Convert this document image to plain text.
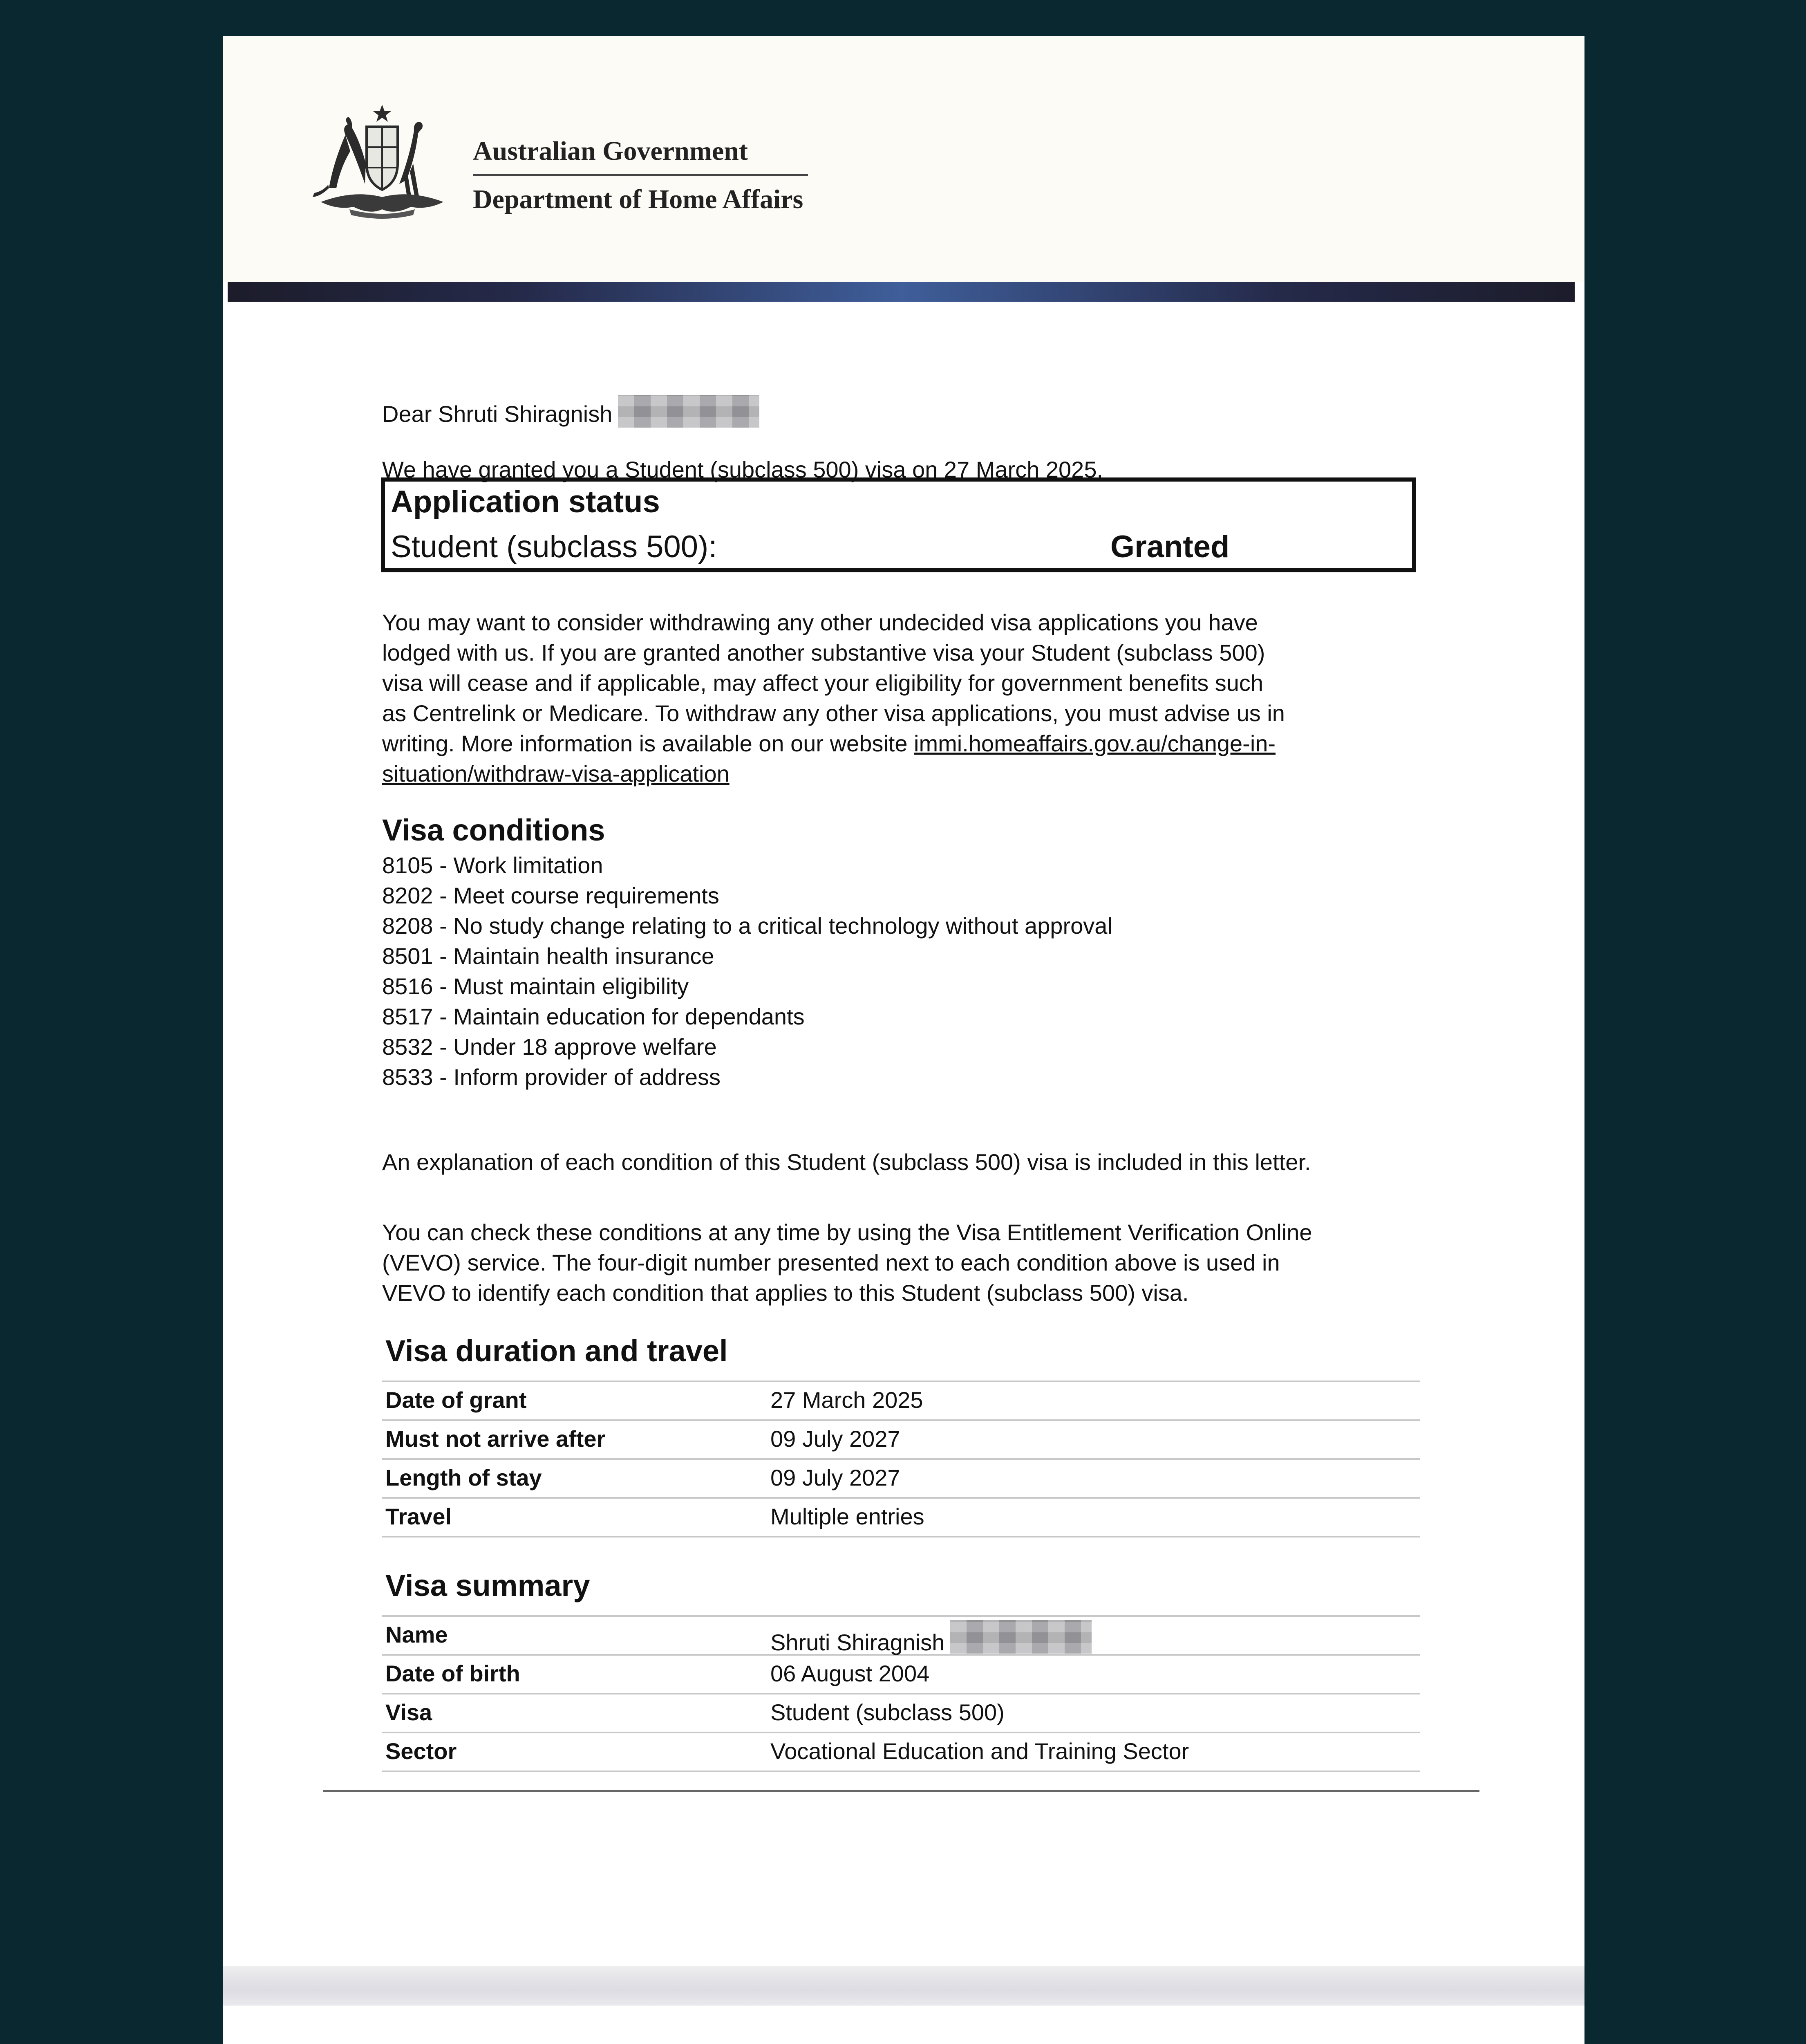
Australian Government
Department of Home Affairs
Dear Shruti Shiragnish
We have granted you a Student (subclass 500) visa on 27 March 2025.
Application status
Student (subclass 500):	Granted
You may want to consider withdrawing any other undecided visa applications you have
lodged with us. If you are granted another substantive visa your Student (subclass 500)
visa will cease and if applicable, may affect your eligibility for government benefits such
as Centrelink or Medicare. To withdraw any other visa applications, you must advise us in
writing. More information is available on our website immi.homeaffairs.gov.au/change-in-
situation/withdraw-visa-application
Visa conditions
8105 - Work limitation
8202 - Meet course requirements
8208 - No study change relating to a critical technology without approval
8501 - Maintain health insurance
8516 - Must maintain eligibility
8517 - Maintain education for dependants
8532 - Under 18 approve welfare
8533 - Inform provider of address
An explanation of each condition of this Student (subclass 500) visa is included in this letter.
You can check these conditions at any time by using the Visa Entitlement Verification Online
(VEVO) service. The four-digit number presented next to each condition above is used in
VEVO to identify each condition that applies to this Student (subclass 500) visa.
Visa duration and travel
Date of grant	27 March 2025
Must not arrive after	09 July 2027
Length of stay	09 July 2027
Travel	Multiple entries
Visa summary
Name	Shruti Shiragnish
Date of birth	06 August 2004
Visa	Student (subclass 500)
Sector	Vocational Education and Training Sector
